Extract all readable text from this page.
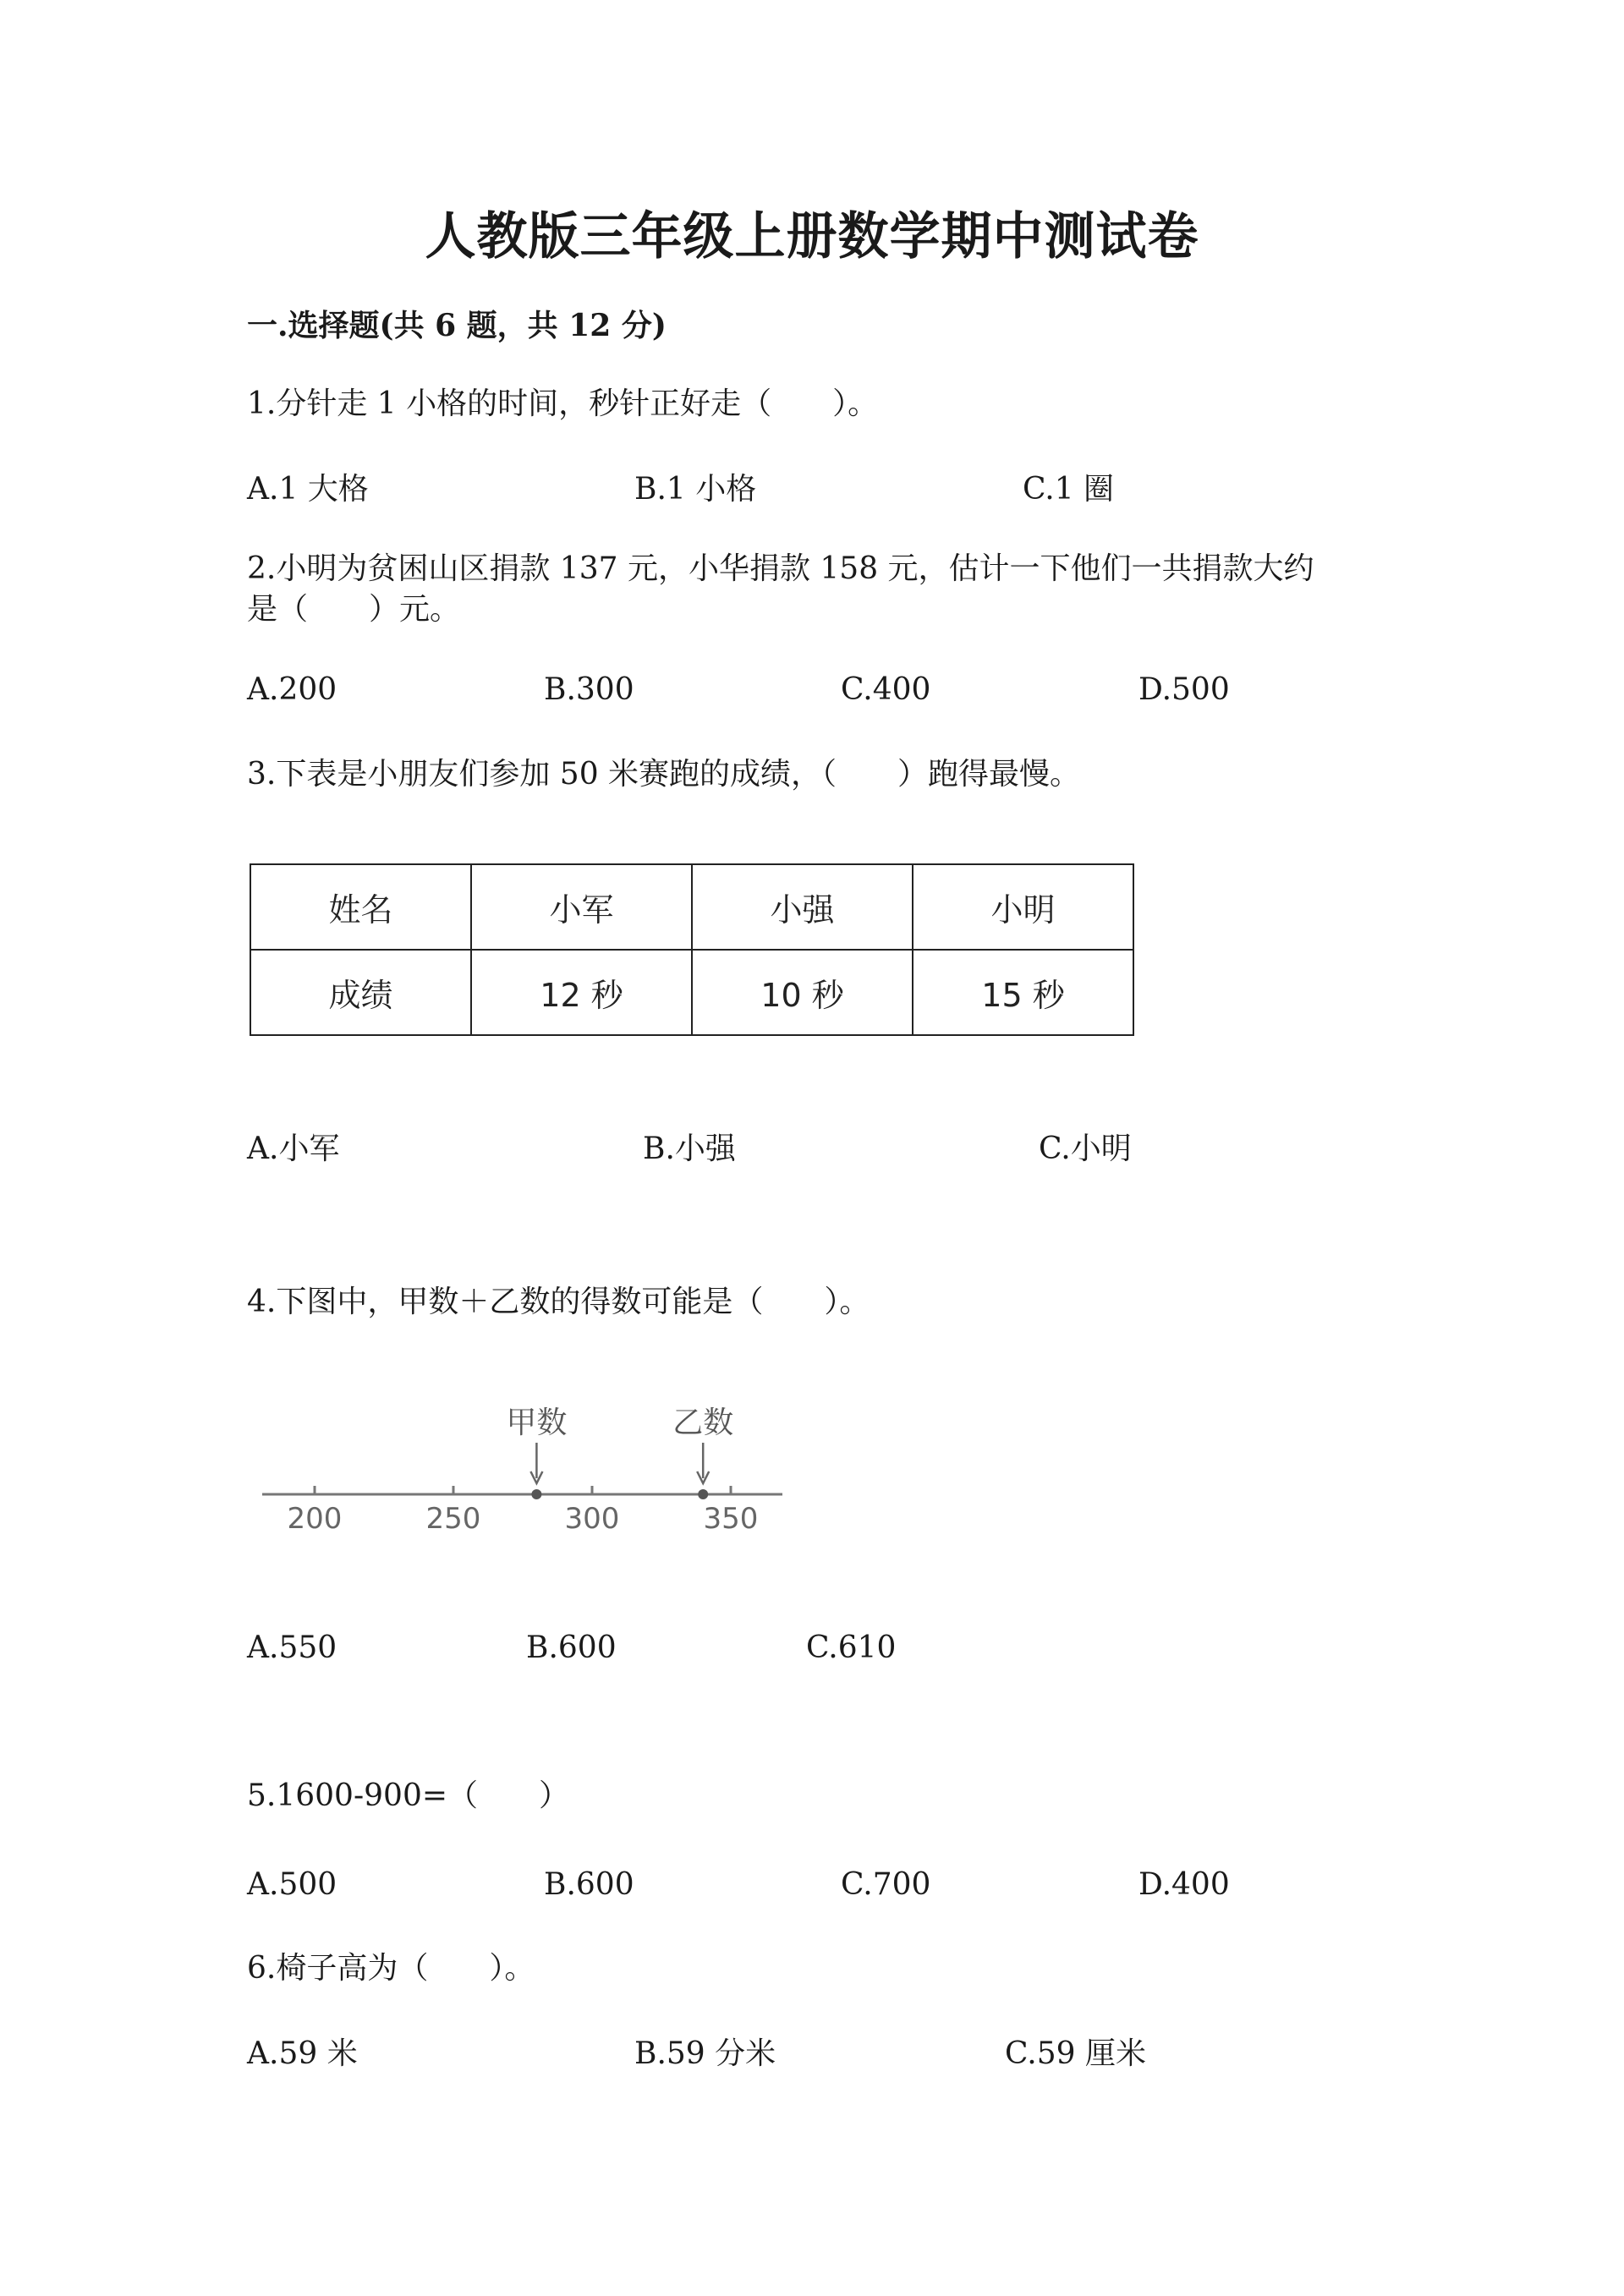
人教版三年级上册数学期中测试卷
一.选择题(共 6 题，共 12 分)
1.分针走 1 小格的时间，秒针正好走（　　）。
A.1 大格	B.1 小格	C.1 圈
2.小明为贫困山区捐款 137 元，小华捐款 158 元，估计一下他们一共捐款大约
是（　　）元。
A.200	B.300	C.400	D.500
3.下表是小朋友们参加 50 米赛跑的成绩，（　　）跑得最慢。
姓名	小军	小强	小明
成绩	12 秒	10 秒	15 秒
A.小军	B.小强	C.小明
4.下图中，甲数＋乙数的得数可能是（　　）。
200	250	300	350
甲数	乙数
A.550	B.600	C.610
5.1600-900=（　　）
A.500	B.600	C.700	D.400
6.椅子高为（　　）。
A.59 米	B.59 分米	C.59 厘米
